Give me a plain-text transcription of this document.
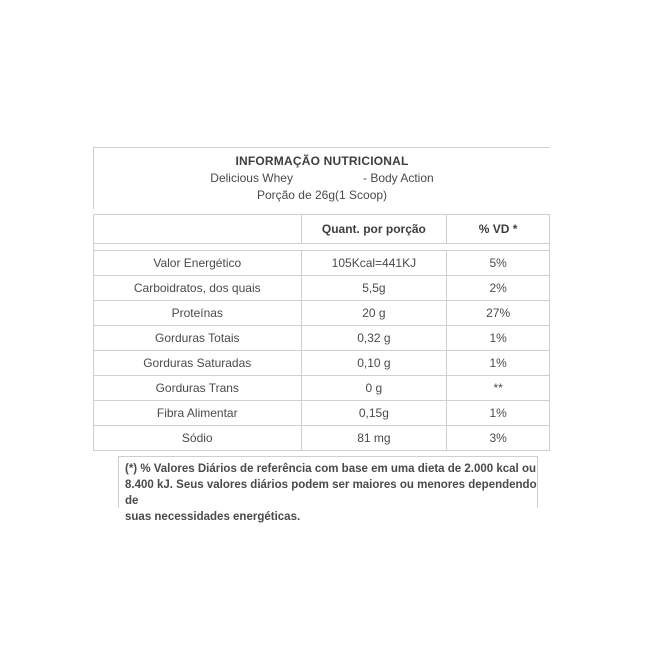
INFORMAÇÃO NUTRICIONAL
Delicious Whey	- Body Action
Porção de 26g(1 Scoop)
	Quant. por porção	% VD *

Valor Energético	105Kcal=441KJ	5%
Carboidratos, dos quais	5,5g	2%
Proteínas	20 g	27%
Gorduras Totais	0,32 g	1%
Gorduras Saturadas	0,10 g	1%
Gorduras Trans	0 g	**
Fibra Alimentar	0,15g	1%
Sódio	81 mg	3%
(*) % Valores Diários de referência com base em uma dieta de 2.000 kcal ou
8.400 kJ. Seus valores diários podem ser maiores ou menores dependendo de
suas necessidades energéticas.
